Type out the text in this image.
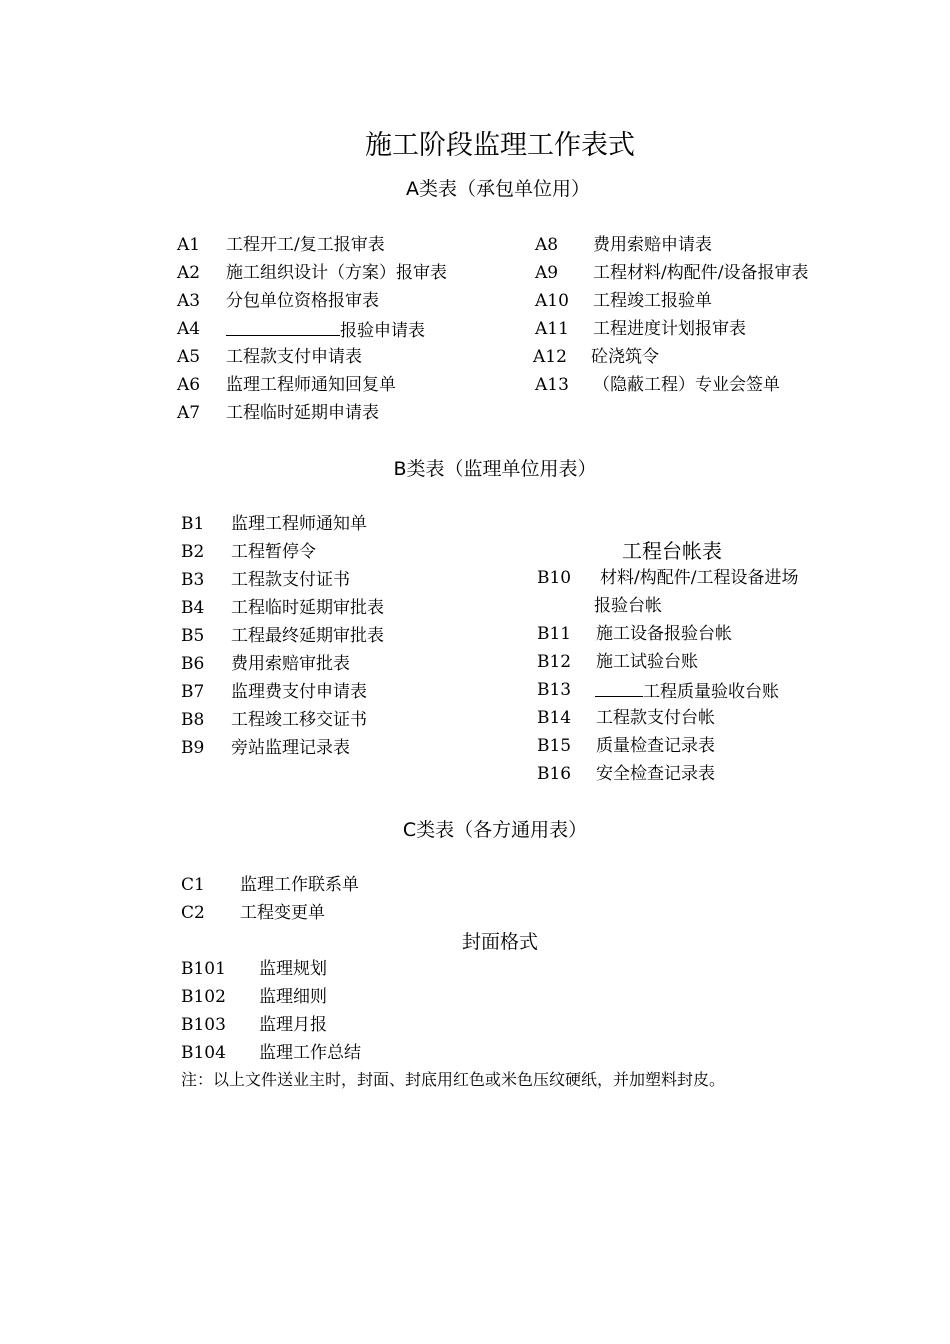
施工阶段监理工作表式
A类表（承包单位用）
A1 工程开工/复工报审表
A2 施工组织设计（方案）报审表
A3 分包单位资格报审表
A4	报验申请表
A5 工程款支付申请表
A6 监理工程师通知回复单
A7 工程临时延期申请表
A8 费用索赔申请表
A9 工程材料/构配件/设备报审表
A10 工程竣工报验单
A11 工程进度计划报审表
A12 砼浇筑令
A13 （隐蔽工程）专业会签单
B类表（监理单位用表）
B1 监理工程师通知单
B2 工程暂停令
B3 工程款支付证书
B4 工程临时延期审批表
B5 工程最终延期审批表
B6 费用索赔审批表
B7 监理费支付申请表
B8 工程竣工移交证书
B9 旁站监理记录表
工程台帐表
B10 材料/构配件/工程设备进场
报验台帐
B11 施工设备报验台帐
B12 施工试验台账
B13	工程质量验收台账
B14 工程款支付台帐
B15 质量检查记录表
B16 安全检查记录表
C类表（各方通用表）
C1 监理工作联系单
C2 工程变更单
封面格式
B101 监理规划
B102 监理细则
B103 监理月报
B104 监理工作总结
注：以上文件送业主时，封面、封底用红色或米色压纹硬纸，并加塑料封皮。
